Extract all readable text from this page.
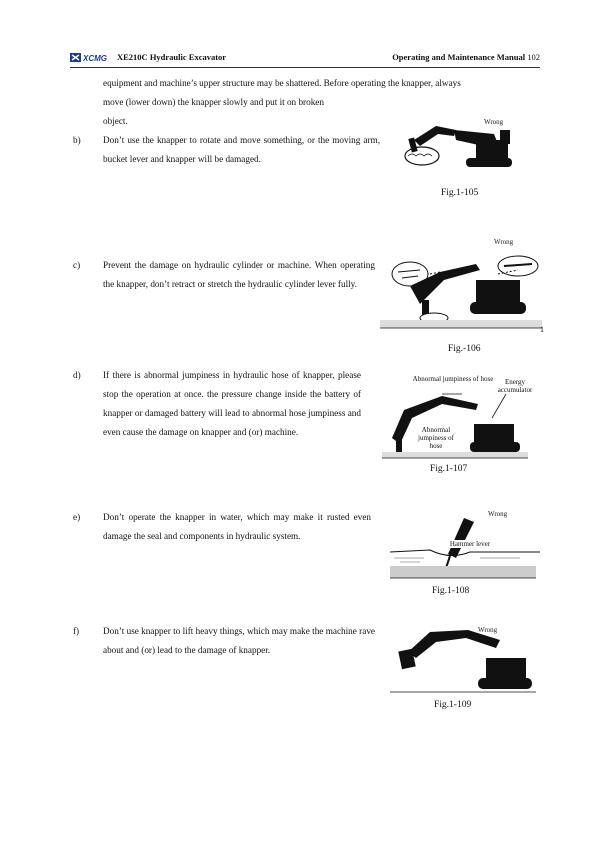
XCMG XE210C Hydraulic Excavator	Operating and Maintenance Manual 102
equipment and machine’s upper structure may be shattered. Before operating the knapper, always
move (lower down) the knapper slowly and put it on broken
object.
b) Don’t use the knapper to rotate and move something, or the moving arm, bucket lever and knapper will be damaged.
Wrong
Fig.1-105
c) Prevent the damage on hydraulic cylinder or machine. When operating the knapper, don’t retract or stretch the hydraulic cylinder lever fully.
Wrong
1
Fig.-106
d) If there is abnormal jumpiness in hydraulic hose of knapper, please stop the operation at once. the pressure change inside the battery of knapper or damaged battery will lead to abnormal hose jumpiness and even cause the damage on knapper and (or) machine.
Abnormal jumpiness of hose	Energy accumulator
Abnormal jumpiness of hose
Fig.1-107
e) Don’t operate the knapper in water, which may make it rusted even damage the seal and components in hydraulic system.
Wrong
Hammer lever
Fig.1-108
f)	Don’t use knapper to lift heavy things, which may make the machine rave about and (or) lead to the damage of knapper.
Wrong
Fig.1-109
